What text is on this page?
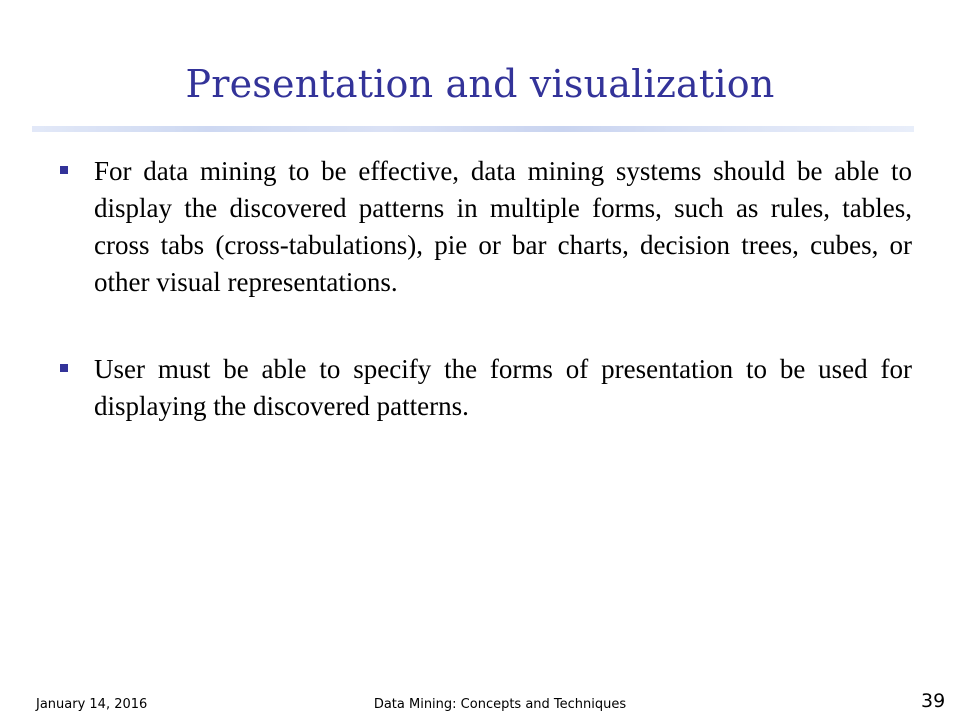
Presentation and visualization
For data mining to be effective, data mining systems should be able to display the discovered patterns in multiple forms, such as rules, tables, cross tabs (cross-tabulations), pie or bar charts, decision trees, cubes, or other visual representations.
User must be able to specify the forms of presentation to be used for displaying the discovered patterns.
January 14, 2016	Data Mining: Concepts and Techniques	39
